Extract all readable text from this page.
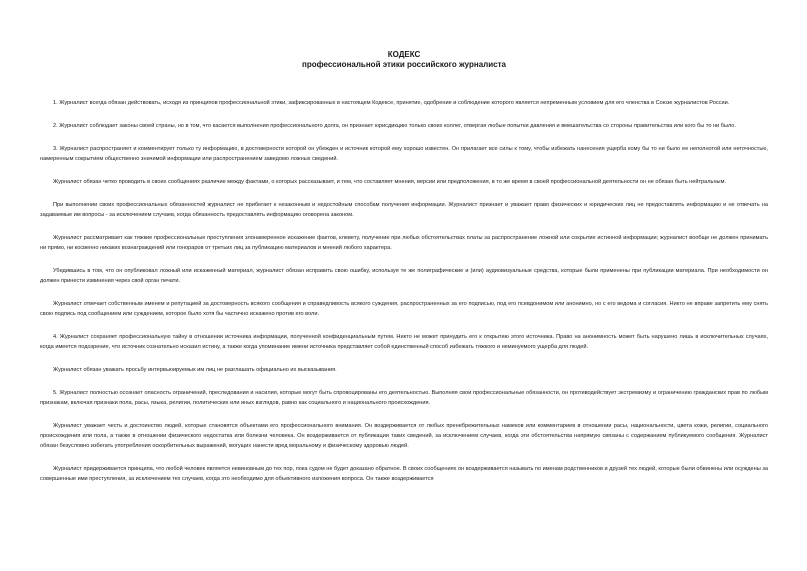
КОДЕКС
профессиональной этики российского журналиста

1. Журналист всегда обязан действовать, исходя из принципов профессиональной этики, зафиксированных в настоящем Кодексе, принятие, одобрение и соблюдение которого является непременным условием для его членства в Союзе журналистов России.

2. Журналист соблюдает законы своей страны, но в том, что касается выполнения профессионального долга, он признает юрисдикцию только своих коллег, отвергая любые попытки давления и вмешательства со стороны правительства или кого бы то ни было.

3. Журналист распространяет и комментирует только ту информацию, в достоверности которой он убежден и источник которой ему хорошо известен. Он прилагает все силы к тому, чтобы избежать нанесения ущерба кому бы то ни было ее неполнотой или неточностью, намеренным сокрытием общественно значимой информации или распространением заведомо ложных сведений.

Журналист обязан четко проводить в своих сообщениях различие между фактами, о которых рассказывает, и тем, что составляет мнения, версии или предположения, в то же время в своей профессиональной деятельности он не обязан быть нейтральным.

При выполнении своих профессиональных обязанностей журналист не прибегает к незаконным и недостойным способам получения информации. Журналист признает и уважает право физических и юридических лиц не предоставлять информацию и не отвечать на задаваемые им вопросы - за исключением случаев, когда обязанность предоставлять информацию оговорена законом.

Журналист рассматривает как тяжкие профессиональные преступления злонамеренное искажение фактов, клевету, получение при любых обстоятельствах платы за распространение ложной или сокрытие истинной информации; журналист вообще не должен принимать ни прямо, ни косвенно никаких вознаграждений или гонораров от третьих лиц за публикацию материалов и мнений любого характера.

Убедившись в том, что он опубликовал ложный или искаженный материал, журналист обязан исправить свою ошибку, используя те же полиграфические и (или) аудиовизуальные средства, которые были применены при публикации материала. При необходимости он должен принести извинения через свой орган печати.

Журналист отвечает собственным именем и репутацией за достоверность всякого сообщения и справедливость всякого суждения, распространенных за его подписью, под его псевдонимом или анонимно, но с его ведома и согласия. Никто не вправе запретить ему снять свою подпись под сообщением или суждением, которое было хотя бы частично искажено против его воли.

4. Журналист сохраняет профессиональную тайну в отношении источника информации, полученной конфиденциальным путем. Никто не может принудить его к открытию этого источника. Право на анонимность может быть нарушено лишь в исключительных случаях, когда имеется подозрение, что источник сознательно исказил истину, а также когда упоминание имени источника представляет собой единственный способ избежать тяжкого и неминуемого ущерба для людей.

Журналист обязан уважать просьбу интервьюируемых им лиц не разглашать официально их высказывания.

5. Журналист полностью осознает опасность ограничений, преследования и насилия, которые могут быть спровоцированы его деятельностью. Выполняя свои профессиональные обязанности, он противодействует экстремизму и ограничению гражданских прав по любым признакам, включая признаки пола, расы, языка, религии, политических или иных взглядов, равно как социального и национального происхождения.

Журналист уважает честь и достоинство людей, которые становятся объектами его профессионального внимания. Он воздерживается от любых пренебрежительных намеков или комментариев в отношении расы, национальности, цвета кожи, религии, социального происхождения или пола, а также в отношении физического недостатка или болезни человека. Он воздерживается от публикации таких сведений, за исключением случаев, когда эти обстоятельства напрямую связаны с содержанием публикуемого сообщения. Журналист обязан безусловно избегать употребления оскорбительных выражений, могущих нанести вред моральному и физическому здоровью людей.

Журналист придерживается принципа, что любой человек является невиновным до тех пор, пока судом не будет доказано обратное. В своих сообщениях он воздерживается называть по именам родственников и друзей тех людей, которые были обвинены или осуждены за совершенные ими преступления, за исключением тех случаев, когда это необходимо для объективного изложения вопроса. Он также воздерживается
